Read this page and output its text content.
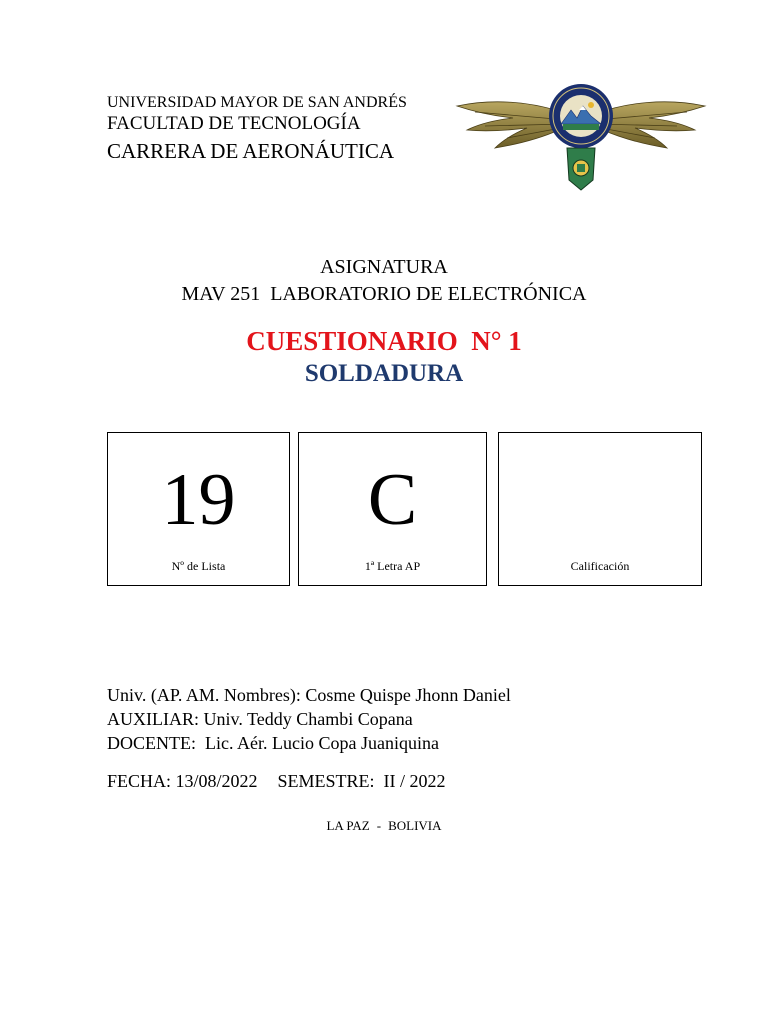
UNIVERSIDAD MAYOR DE SAN ANDRÉS
FACULTAD DE TECNOLOGÍA
CARRERA DE AERONÁUTICA
ASIGNATURA
MAV 251  LABORATORIO DE ELECTRÓNICA
CUESTIONARIO  N° 1
SOLDADURA
19
Nº de Lista
C
1ª Letra AP	Calificación
Univ. (AP. AM. Nombres): Cosme Quispe Jhonn Daniel
AUXILIAR: Univ. Teddy Chambi Copana
DOCENTE:  Lic. Aér. Lucio Copa Juaniquina
FECHA: 13/08/2022 SEMESTRE:  II / 2022
LA PAZ - BOLIVIA
